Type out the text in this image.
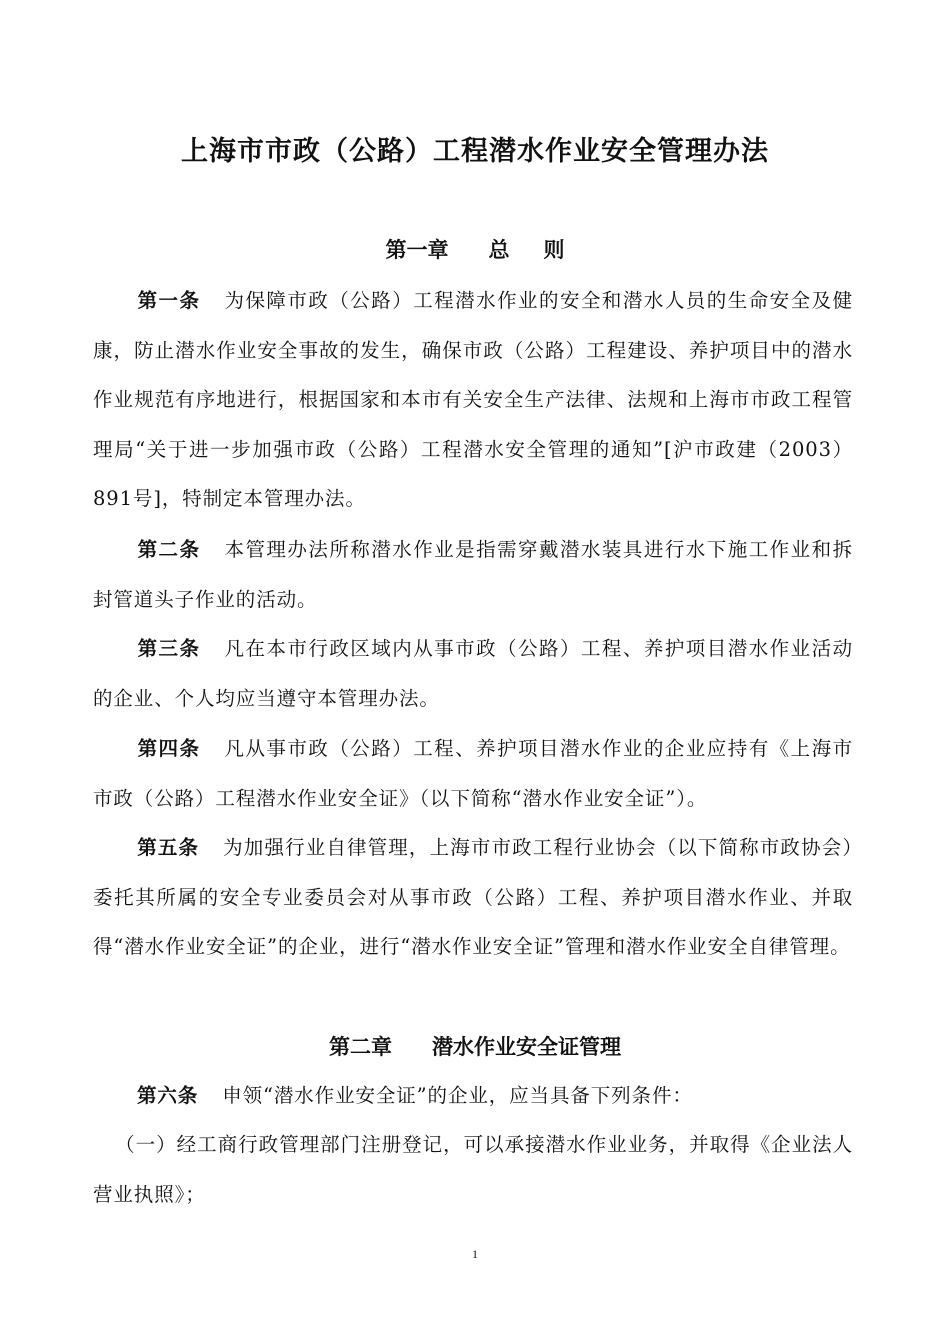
上海市市政（公路）工程潜水作业安全管理办法
第一章 总 则
第一条 为保障市政（公路）工程潜水作业的安全和潜水人员的生命安全及健康，防止潜水作业安全事故的发生，确保市政（公路）工程建设、养护项目中的潜水作业规范有序地进行，根据国家和本市有关安全生产法律、法规和上海市市政工程管理局“关于进一步加强市政（公路）工程潜水安全管理的通知”[沪市政建（2003）891号]，特制定本管理办法。
第二条 本管理办法所称潜水作业是指需穿戴潜水装具进行水下施工作业和拆封管道头子作业的活动。
第三条 凡在本市行政区域内从事市政（公路）工程、养护项目潜水作业活动的企业、个人均应当遵守本管理办法。
第四条 凡从事市政（公路）工程、养护项目潜水作业的企业应持有《上海市市政（公路）工程潜水作业安全证》（以下简称“潜水作业安全证”）。
第五条 为加强行业自律管理，上海市市政工程行业协会（以下简称市政协会）委托其所属的安全专业委员会对从事市政（公路）工程、养护项目潜水作业、并取得“潜水作业安全证”的企业，进行“潜水作业安全证”管理和潜水作业安全自律管理。
第二章 潜水作业安全证管理
第六条 申领“潜水作业安全证”的企业，应当具备下列条件：
（一）经工商行政管理部门注册登记，可以承接潜水作业业务，并取得《企业法人营业执照》；
1
